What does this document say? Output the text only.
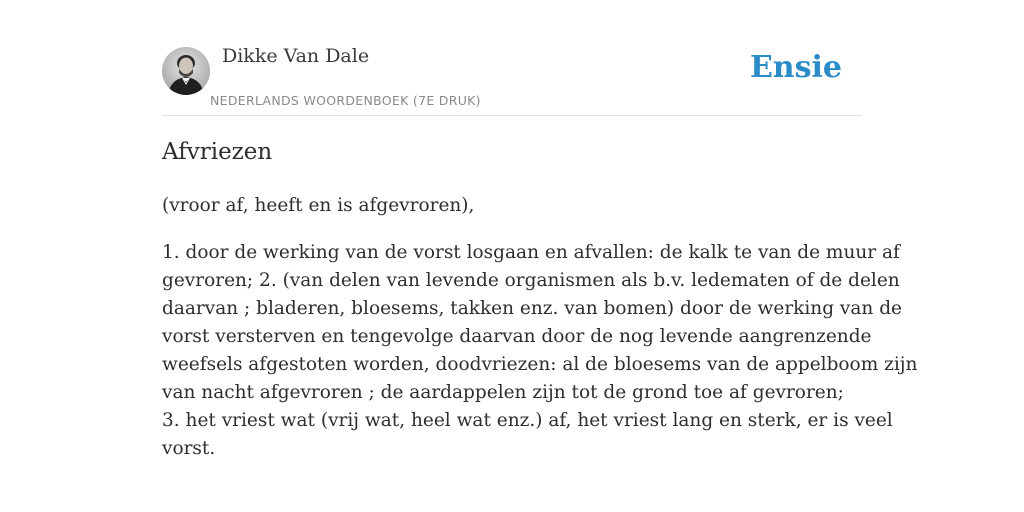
Dikke Van Dale
NEDERLANDS WOORDENBOEK (7E DRUK)
Ensie
Afvriezen

(vroor af, heeft en is afgevroren),

1. door de werking van de vorst losgaan en afvallen: de kalk te van de muur af
gevroren; 2. (van delen van levende organismen als b.v. ledematen of de delen
daarvan ; bladeren, bloesems, takken enz. van bomen) door de werking van de
vorst versterven en tengevolge daarvan door de nog levende aangrenzende
weefsels afgestoten worden, doodvriezen: al de bloesems van de appelboom zijn
van nacht afgevroren ; de aardappelen zijn tot de grond toe af gevroren;
3. het vriest wat (vrij wat, heel wat enz.) af, het vriest lang en sterk, er is veel
vorst.
